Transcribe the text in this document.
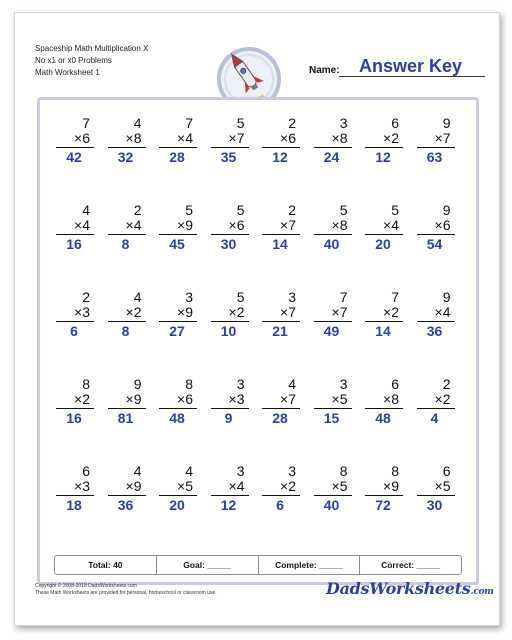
Spaceship Math Multiplication X
No x1 or x0 Problems
Math Worksheet 1	Name: Answer Key
7
×6
42
4
×8
32
7
×4
28
5
×7
35
2
×6
12
3
×8
24
6
×2
12
9
×7
63
4
×4
16
2
×4
8
5
×9
45
5
×6
30
2
×7
14
5
×8
40
5
×4
20
9
×6
54
2
×3
6
4
×2
8
3
×9
27
5
×2
10
3
×7
21
7
×7
49
7
×2
14
9
×4
36
8
×2
16
9
×9
81
8
×6
48
3
×3
9
4
×7
28
3
×5
15
6
×8
48
2
×2
4
6
×3
18
4
×9
36
4
×5
20
3
×4
12
3
×2
6
8
×5
40
8
×9
72
6
×5
30
Total: 40	Goal: _____	Complete: _____	Correct: _____
Copyright © 2008-2018 DadsWorksheets.com
These Math Worksheets are provided for personal, homeschool or classroom use.	DadsWorksheets.com
